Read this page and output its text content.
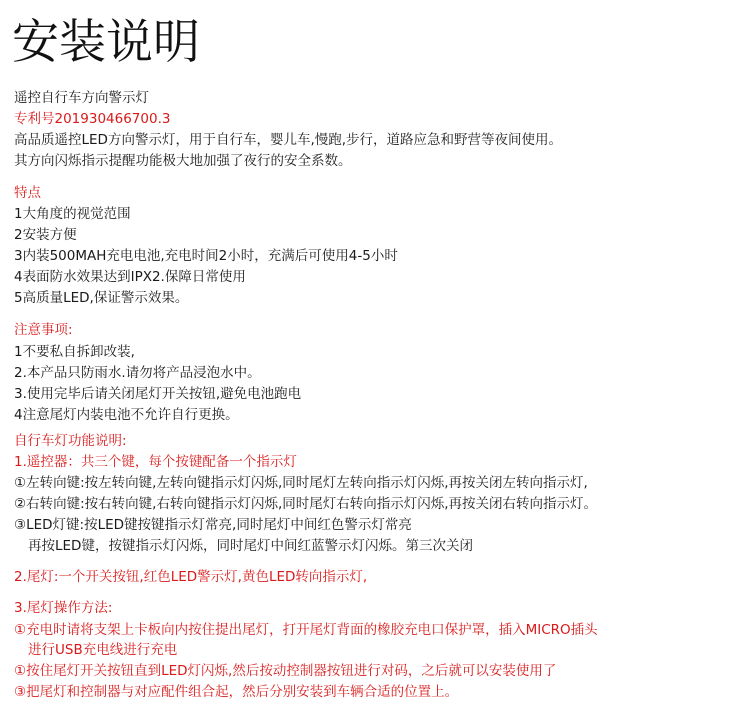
安装说明
遥控自行车方向警示灯
专利号201930466700.3
高品质遥控LED方向警示灯，用于自行车，婴儿车,慢跑,步行，道路应急和野营等夜间使用。
其方向闪烁指示提醒功能极大地加强了夜行的安全系数。
特点
1大角度的视觉范围
2安装方便
3内装500MAH充电电池,充电时间2小时，充满后可使用4-5小时
4表面防水效果达到IPX2.保障日常使用
5高质量LED,保证警示效果。
注意事项:
1不要私自拆卸改装,
2.本产品只防雨水.请勿将产品浸泡水中。
3.使用完毕后请关闭尾灯开关按钮,避免电池跑电
4注意尾灯内装电池不允许自行更换。
自行车灯功能说明:
1.遥控器：共三个键，每个按键配备一个指示灯
①左转向键:按左转向键,左转向键指示灯闪烁,同时尾灯左转向指示灯闪烁,再按关闭左转向指示灯,
②右转向键:按右转向键,右转向键指示灯闪烁,同时尾灯右转向指示灯闪烁,再按关闭右转向指示灯。
③LED灯键:按LED键按键指示灯常亮,同时尾灯中间红色警示灯常亮
再按LED键，按键指示灯闪烁，同时尾灯中间红蓝警示灯闪烁。第三次关闭
2.尾灯:一个开关按钮,红色LED警示灯,黄色LED转向指示灯,
3.尾灯操作方法:
①充电时请将支架上卡板向内按住提出尾灯，打开尾灯背面的橡胶充电口保护罩，插入MICRO插头
进行USB充电线进行充电
①按住尾灯开关按钮直到LED灯闪烁,然后按动控制器按钮进行对码，之后就可以安装使用了
③把尾灯和控制器与对应配件组合起，然后分别安装到车辆合适的位置上。
